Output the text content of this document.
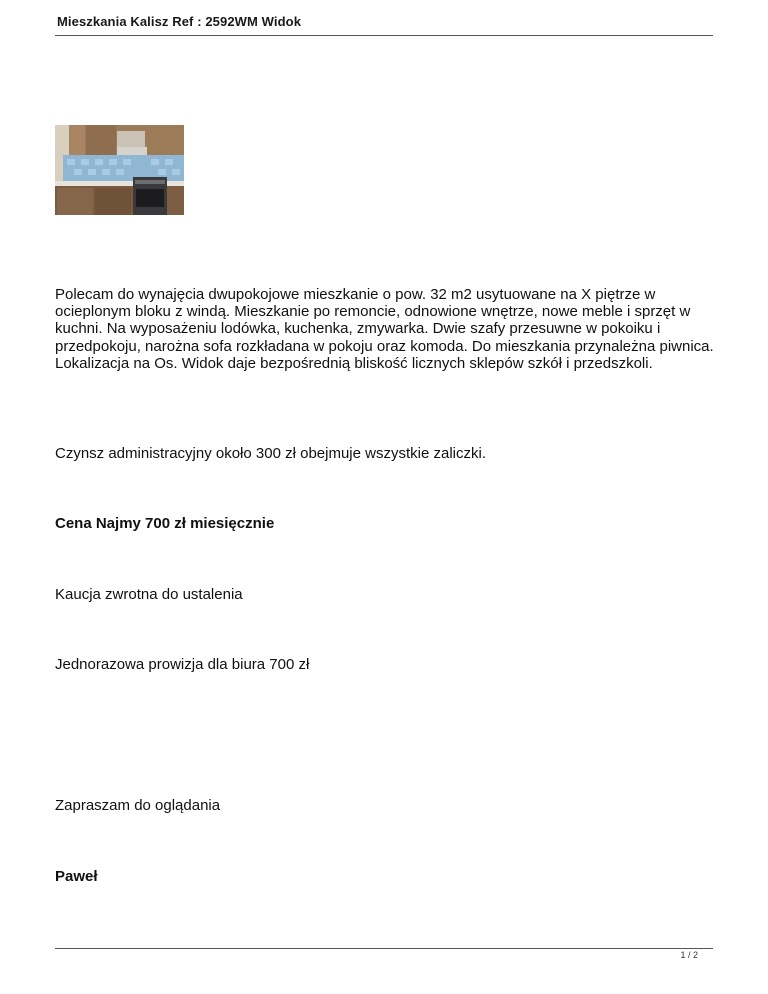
Mieszkania Kalisz Ref : 2592WM Widok
Polecam do wynajęcia dwupokojowe mieszkanie o pow. 32 m2 usytuowane na X piętrze w ocieplonym bloku z windą. Mieszkanie po remoncie, odnowione wnętrze, nowe meble i sprzęt w kuchni. Na wyposażeniu lodówka, kuchenka, zmywarka. Dwie szafy przesuwne w pokoiku i przedpokoju, narożna sofa rozkładana w pokoju oraz komoda. Do mieszkania przynależna piwnica. Lokalizacja na Os. Widok daje bezpośrednią bliskość licznych sklepów szkół i przedszkoli.
Czynsz administracyjny około 300 zł obejmuje wszystkie zaliczki.
Cena Najmy 700 zł miesięcznie
Kaucja zwrotna do ustalenia
Jednorazowa prowizja dla biura 700 zł
Zapraszam do oglądania
Paweł
1 / 2
